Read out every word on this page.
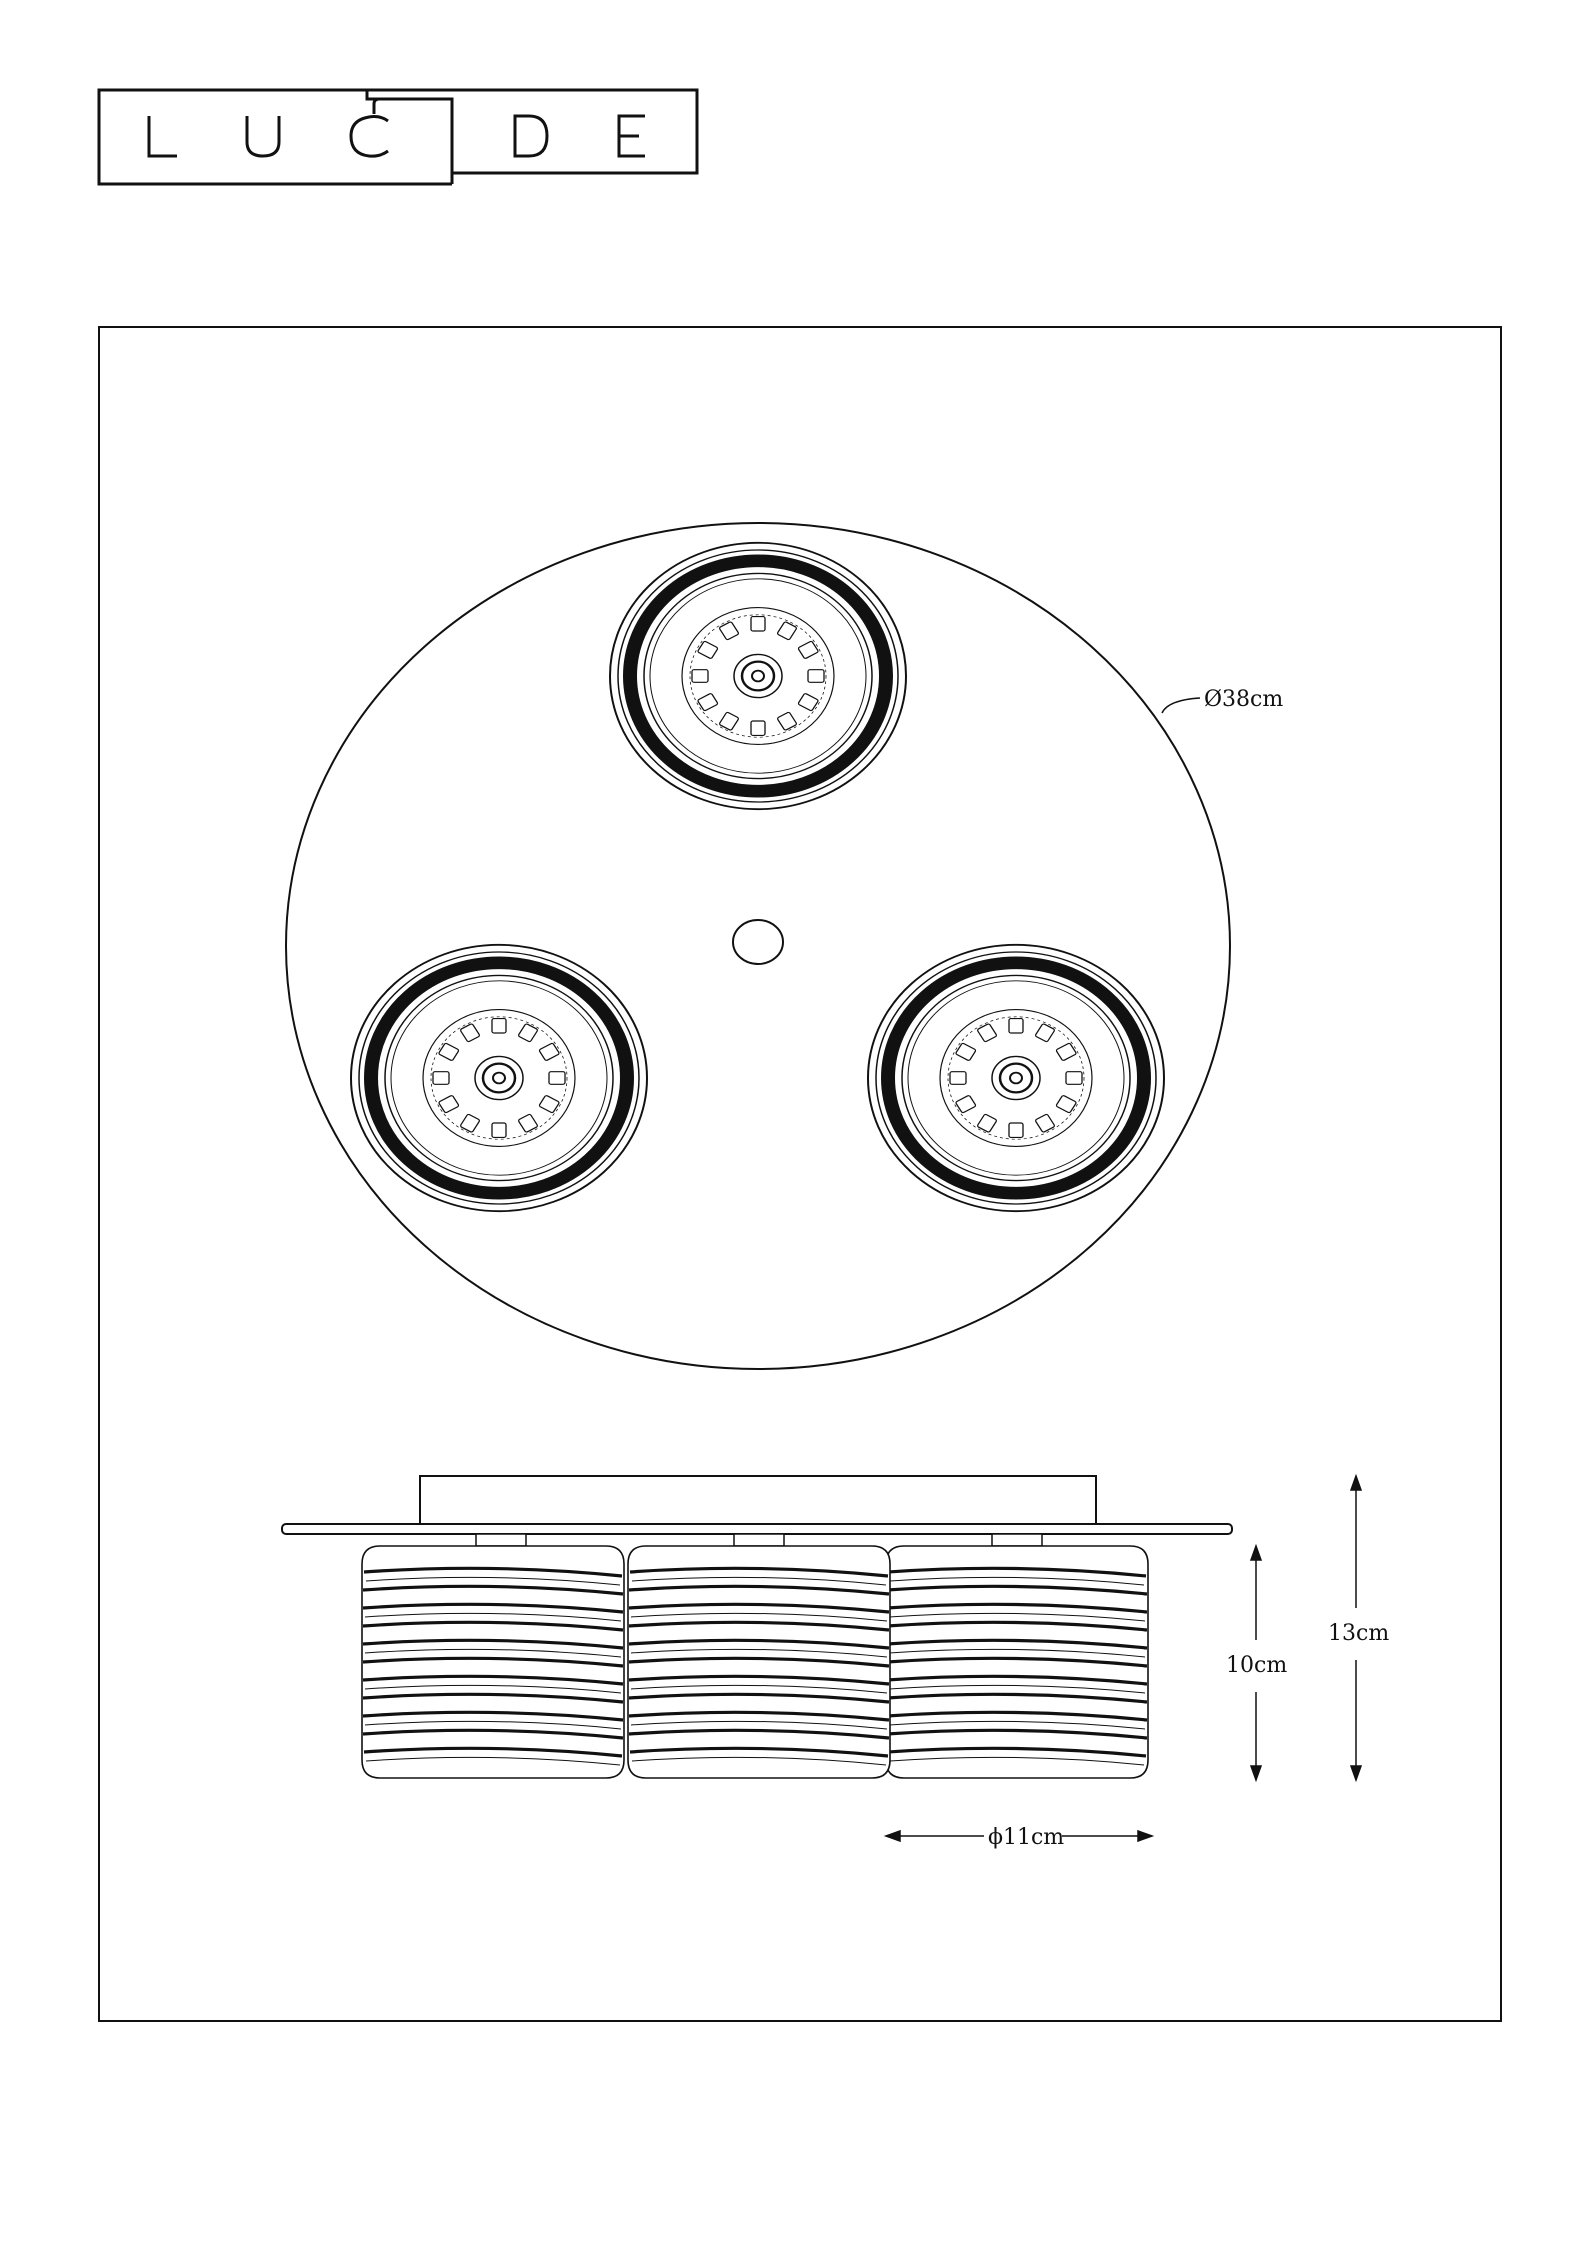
Ø38cm
10cm
13cm
ϕ11cm
